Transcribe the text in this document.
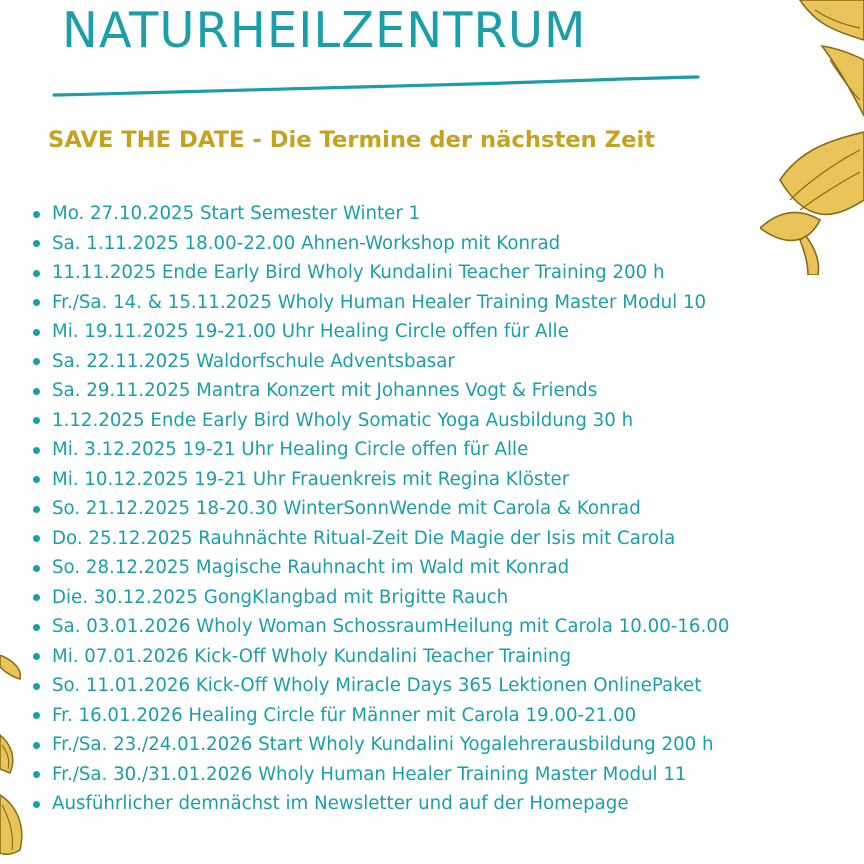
NATURHEILZENTRUM
SAVE THE DATE - Die Termine der nächsten Zeit
Mo. 27.10.2025 Start Semester Winter 1
Sa. 1.11.2025 18.00-22.00 Ahnen-Workshop mit Konrad
11.11.2025 Ende Early Bird Wholy Kundalini Teacher Training 200 h
Fr./Sa. 14. & 15.11.2025 Wholy Human Healer Training Master Modul 10
Mi. 19.11.2025 19-21.00 Uhr Healing Circle offen für Alle
Sa. 22.11.2025 Waldorfschule Adventsbasar
Sa. 29.11.2025 Mantra Konzert mit Johannes Vogt & Friends
1.12.2025 Ende Early Bird Wholy Somatic Yoga Ausbildung 30 h
Mi. 3.12.2025 19-21 Uhr Healing Circle offen für Alle
Mi. 10.12.2025 19-21 Uhr Frauenkreis mit Regina Klöster
So. 21.12.2025 18-20.30 WinterSonnWende mit Carola & Konrad
Do. 25.12.2025 Rauhnächte Ritual-Zeit Die Magie der Isis mit Carola
So. 28.12.2025 Magische Rauhnacht im Wald mit Konrad
Die. 30.12.2025 GongKlangbad mit Brigitte Rauch
Sa. 03.01.2026 Wholy Woman SchossraumHeilung mit Carola 10.00-16.00
Mi. 07.01.2026 Kick-Off Wholy Kundalini Teacher Training
So. 11.01.2026 Kick-Off Wholy Miracle Days 365 Lektionen OnlinePaket
Fr. 16.01.2026 Healing Circle für Männer mit Carola 19.00-21.00
Fr./Sa. 23./24.01.2026 Start Wholy Kundalini Yogalehrerausbildung 200 h
Fr./Sa. 30./31.01.2026 Wholy Human Healer Training Master Modul 11
Ausführlicher demnächst im Newsletter und auf der Homepage
